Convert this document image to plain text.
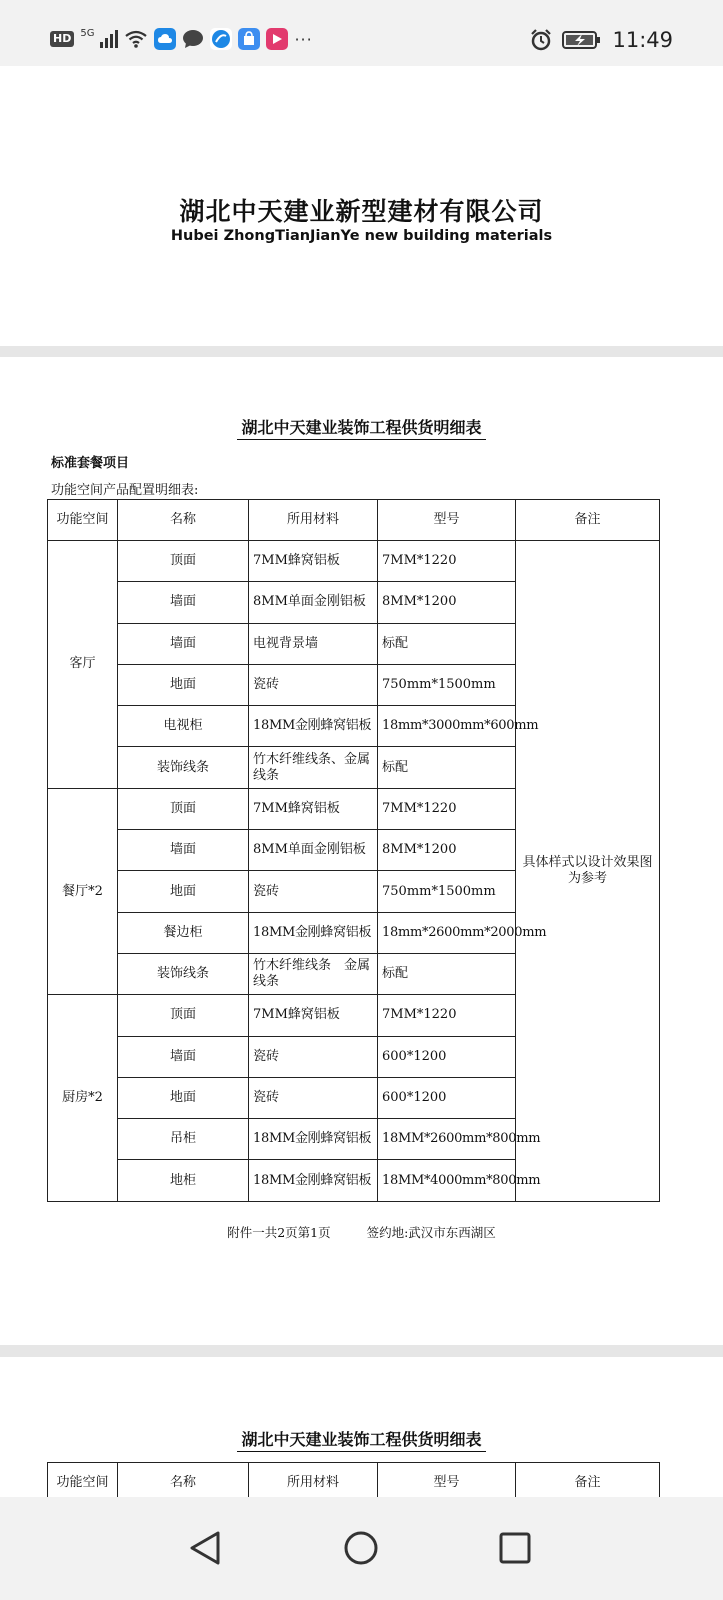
HD 5G	···	11:49
湖北中天建业新型建材有限公司
Hubei ZhongTianJianYe new building materials
湖北中天建业装饰工程供货明细表
标准套餐项目
功能空间产品配置明细表:
功能空间	名称	所用材料	型号	备注
客厅	顶面	7MM蜂窝铝板	7MM*1220	具体样式以设计效果图为参考
	墙面	8MM单面金刚铝板	8MM*1200	
	墙面	电视背景墙	标配	
	地面	瓷砖	750mm*1500mm	
	电视柜	18MM金刚蜂窝铝板	18mm*3000mm*600mm	
	装饰线条	竹木纤维线条、金属线条	标配	
餐厅*2	顶面	7MM蜂窝铝板	7MM*1220	
	墙面	8MM单面金刚铝板	8MM*1200	
	地面	瓷砖	750mm*1500mm	
	餐边柜	18MM金刚蜂窝铝板	18mm*2600mm*2000mm	
	装饰线条	竹木纤维线条　金属线条	标配	
厨房*2	顶面	7MM蜂窝铝板	7MM*1220	
	墙面	瓷砖	600*1200	
	地面	瓷砖	600*1200	
	吊柜	18MM金刚蜂窝铝板	18MM*2600mm*800mm	
	地柜	18MM金刚蜂窝铝板	18MM*4000mm*800mm	
附件一共2页第1页	签约地:武汉市东西湖区
湖北中天建业装饰工程供货明细表
功能空间	名称	所用材料	型号	备注
